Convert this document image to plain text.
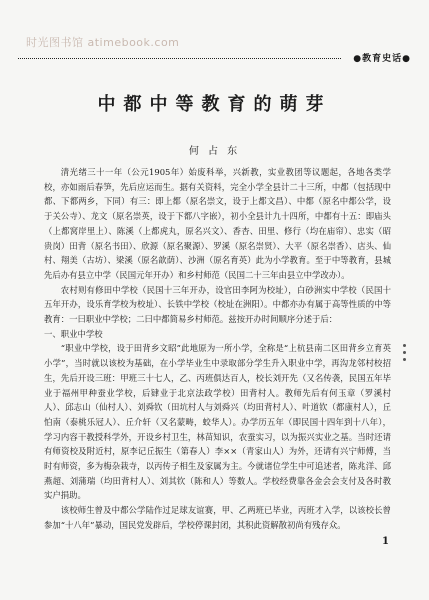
时光图书馆 atimebook.com
●教育史话●
中都中等教育的萌芽
何 占 东

清光绪三十一年（公元1905年）始废科举，兴新教，实业教团等议题起，各地各类学校，亦如雨后春笋，先后应运而生。据有关资料，完全小学全县计二十三所，中都（包括现中都、下都两乡，下同）有三：即上都（原名崇文，设于上都文昌）、中都（原名中都公学，设于关公寺）、龙文（原名崇英，设于下都八字嵌），初小全县计九十四所，中都有十五：即庙头（上都窝岸里上）、陈溪（上都虎丸，原名兴文）、香杏、田里、修行（均在庙帘）、忠实（昭贵岗）田背（原名书田）、欣源（原名聚源）、罗溪（原名崇贤）、大平（原名崇香）、店头、仙村、翔美（古坊）、梁溪（原名歆荫）、沙洲（原名育英）此为小学教育。至于中等教育，县城先后办有县立中学（民国元年开办）和乡村师范（民国二十三年由县立中学改办）。

农村则有修田中学校（民国十三年开办，设官田李阿为校址），白砂洲实中学校（民国十五年开办，设乐育学校为校址）、长铁中学校（校址在洲阳）。中都亦办有属于高等性质的中等教育：一曰职业中学校；二曰中都简易乡村师范。兹按开办时间顺序分述于后：

一、职业中学校

“职业中学校，设于田背乡文昭”此地原为一所小学，全称是“上杭县南二区田背乡立育英小学”，当时就以该校为基础，在小学毕业生中录取部分学生升入职业中学，再沟龙邻村校招生，先后开设三班：甲班三十七人，乙、丙班俱达百人，校长刘开先（又名传袭，民国五年毕业于福州甲种蚕业学校，后肄业于北京法政学校）田背村人。教师先后有何玉章（罗溪村人）、邱志山（仙村人）、刘舜钦（田坑村人与刘舜兴（均田背村人）、叶道钦（都康村人），丘怕南（泰桃乐冠人）、丘介轩（又名蒙畴，蛟华人）。办学历五年（即民国十四年到十八年），学习内容干教授科学外，开设乡村卫生，林苗知识，农蚕实习，以为振兴实业之基。当时还请有师资校及附近村，原李记丘振生（第春人）李××（青家山人）为外，还请有兴宁师傅，当时有师资，多为梅杂栽寺，以丙传子相生及家属为主。今就诸位学生中可追述者，陈兆洋、邱燕超、刘蒲瑞（均田背村人）、刘其钦（陈和人）等数人。学校经费靠各金会会支付及各时教实户捐助。

该校师生曾及中都公学陆作过足球友谊赛，甲、乙两班已毕业，丙班才入学，以该校长曾参加“十八年”暴动，国民党发辟后，学校停课封闭，其积此资解散初尚有残存众。

1
